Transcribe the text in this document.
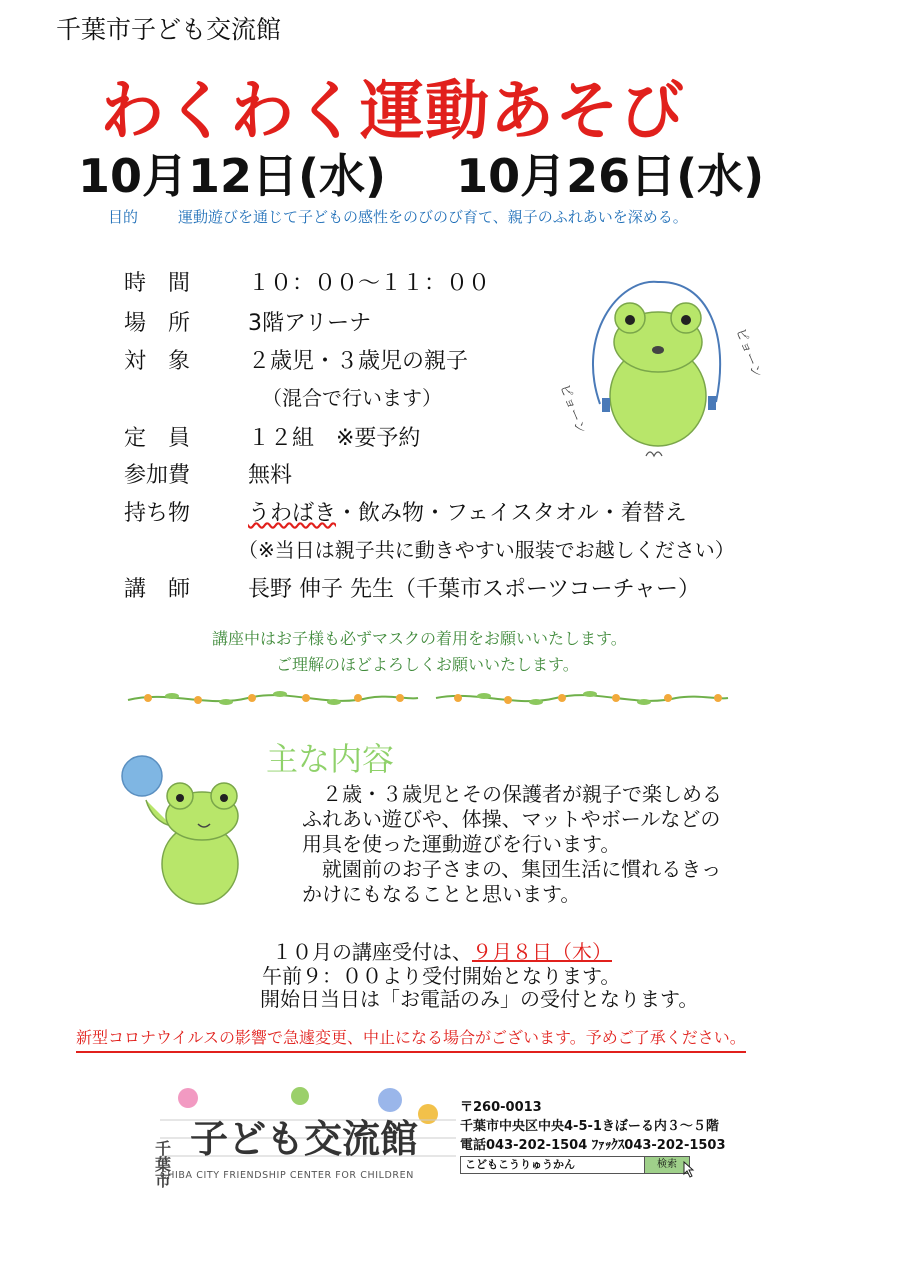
千葉市子ども交流館
わくわく運動あそび
10月12日(水) 10月26日(水)
目的	運動遊びを通じて子どもの感性をのびのび育て、親子のふれあいを深める。
時　間	１０：００～１１：００
場　所	3階アリーナ
対　象	２歳児・３歳児の親子
（混合で行います）
定　員	１２組　※要予約
参加費	無料
持ち物	うわばき・飲み物・フェイスタオル・着替え
（※当日は親子共に動きやすい服装でお越しください）
講　師	長野 伸子 先生（千葉市スポーツコーチャー）
ピョーン
ピョーン
講座中はお子様も必ずマスクの着用をお願いいたします。
ご理解のほどよろしくお願いいたします。
主な内容

　２歳・３歳児とその保護者が親子で楽しめる

ふれあい遊びや、体操、マットやボールなどの

用具を使った運動遊びを行います。

　就園前のお子さまの、集団生活に慣れるきっ

かけにもなることと思います。

１０月の講座受付は、９月８日（木）
午前９：００より受付開始となります。
開始日当日は「お電話のみ」の受付となります。
新型コロナウイルスの影響で急遽変更、中止になる場合がございます。予めご了承ください。
千葉市
子ども交流館
CHIBA CITY FRIENDSHIP CENTER FOR CHILDREN
〒260-0013
千葉市中央区中央4-5-1きぼーる内３～５階
電話043-202-1504 ﾌｧｯｸｽ043-202-1503
こどもこうりゅうかん	検索
